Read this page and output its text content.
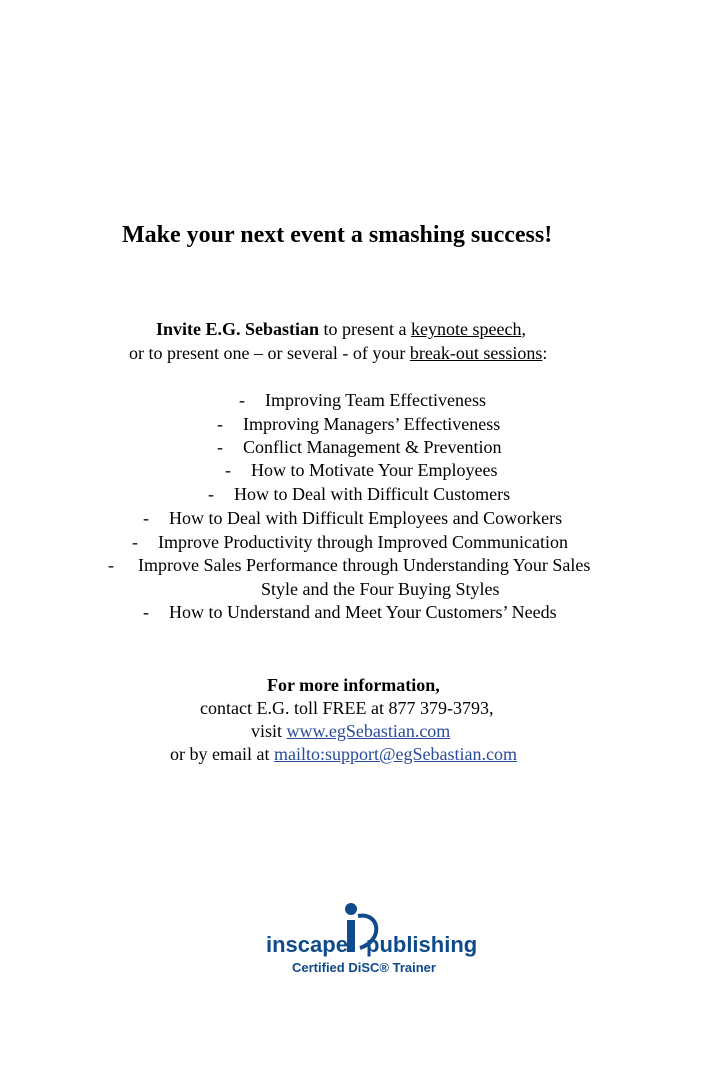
Make your next event a smashing success!
Invite E.G. Sebastian to present a keynote speech,
or to present one – or several - of your break-out sessions:
- Improving Team Effectiveness
- Improving Managers’ Effectiveness
- Conflict Management & Prevention
- How to Motivate Your Employees
- How to Deal with Difficult Customers
- How to Deal with Difficult Employees and Coworkers
- Improve Productivity through Improved Communication
- Improve Sales Performance through Understanding Your Sales
Style and the Four Buying Styles
- How to Understand and Meet Your Customers’ Needs
For more information,
contact E.G. toll FREE at 877 379-3793,
visit www.egSebastian.com
or by email at mailto:support@egSebastian.com
inscape publishing
Certified DiSC® Trainer
